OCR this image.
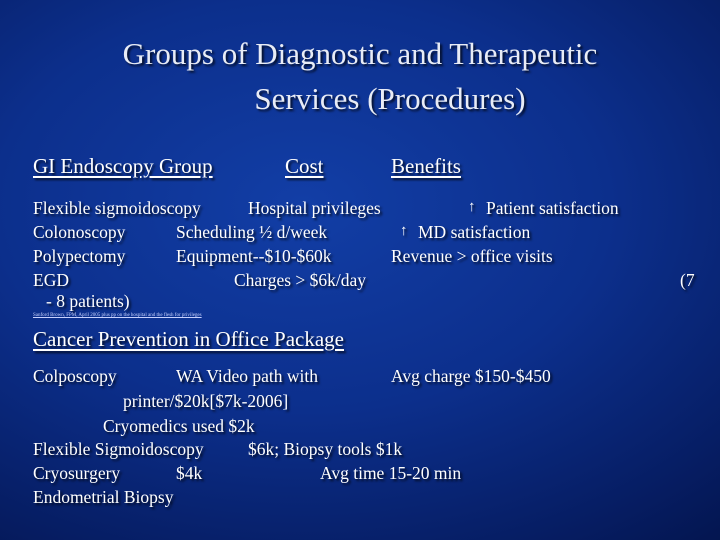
Groups of Diagnostic and Therapeutic
Services (Procedures)
GI Endoscopy Group	Cost	Benefits
Flexible sigmoidoscopy	Hospital privileges	↑ Patient satisfaction
Colonoscopy	Scheduling ½ d/week	↑ MD satisfaction
Polypectomy	Equipment--$10-$60k	Revenue > office visits
EGD	Charges > $6k/day	(7
- 8 patients)
Sanford Brown, FPM, April 2005 plus pp on the hospital and the flesh for privileges
Cancer Prevention in Office Package
Colposcopy	WA Video path with	Avg charge $150-$450
printer/$20k[$7k-2006]
Cryomedics used $2k
Flexible Sigmoidoscopy	$6k; Biopsy tools $1k
Cryosurgery	$4k	Avg time 15-20 min
Endometrial Biopsy
